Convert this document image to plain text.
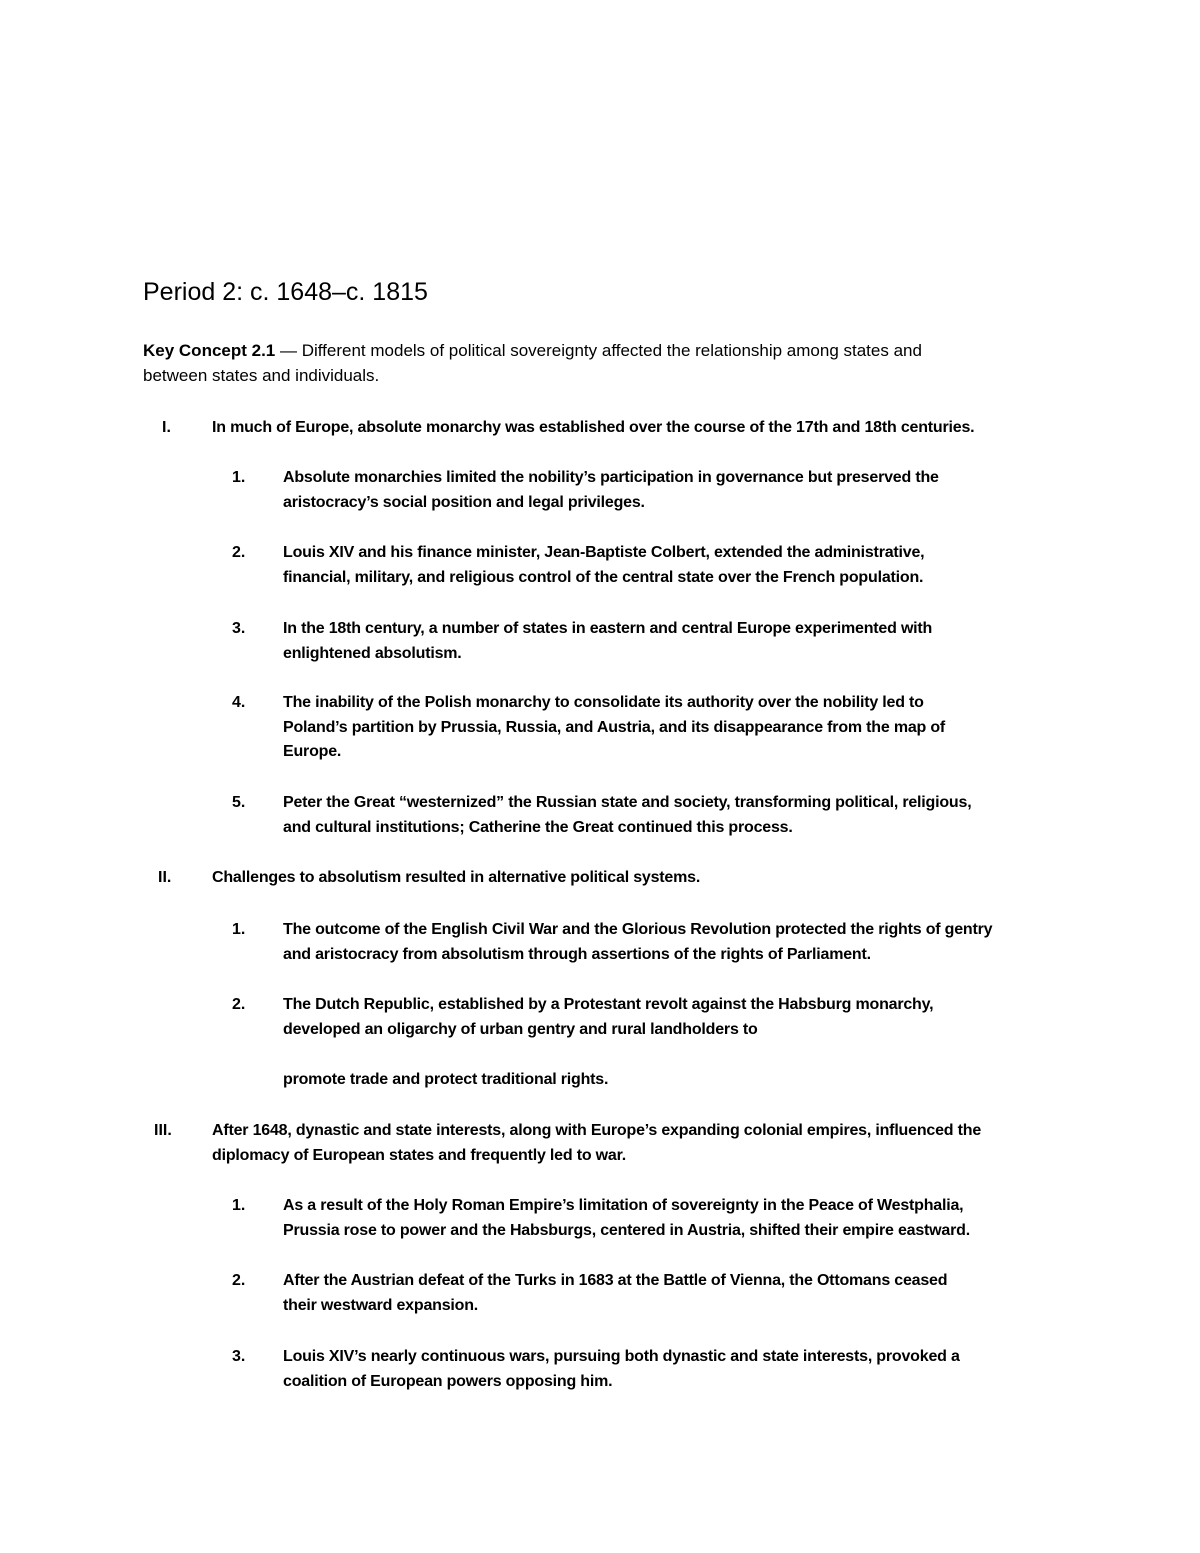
Period 2: c. 1648–c. 1815

Key Concept 2.1 — Different models of political sovereignty affected the relationship among states and
between states and individuals.

I.	In much of Europe, absolute monarchy was established over the course of the 17th and 18th centuries.
1. Absolute monarchies limited the nobility’s participation in governance but preserved the
aristocracy’s social position and legal privileges.
2. Louis XIV and his finance minister, Jean-Baptiste Colbert, extended the administrative,
financial, military, and religious control of the central state over the French population.
3. In the 18th century, a number of states in eastern and central Europe experimented with
enlightened absolutism.
4. The inability of the Polish monarchy to consolidate its authority over the nobility led to
Poland’s partition by Prussia, Russia, and Austria, and its disappearance from the map of
Europe.
5. Peter the Great “westernized” the Russian state and society, transforming political, religious,
and cultural institutions; Catherine the Great continued this process.
II.	Challenges to absolutism resulted in alternative political systems.
1. The outcome of the English Civil War and the Glorious Revolution protected the rights of gentry
and aristocracy from absolutism through assertions of the rights of Parliament.
2. The Dutch Republic, established by a Protestant revolt against the Habsburg monarchy,
developed an oligarchy of urban gentry and rural landholders to
promote trade and protect traditional rights.
III.	After 1648, dynastic and state interests, along with Europe’s expanding colonial empires, influenced the
diplomacy of European states and frequently led to war.
1. As a result of the Holy Roman Empire’s limitation of sovereignty in the Peace of Westphalia,
Prussia rose to power and the Habsburgs, centered in Austria, shifted their empire eastward.
2. After the Austrian defeat of the Turks in 1683 at the Battle of Vienna, the Ottomans ceased
their westward expansion.
3. Louis XIV’s nearly continuous wars, pursuing both dynastic and state interests, provoked a
coalition of European powers opposing him.
